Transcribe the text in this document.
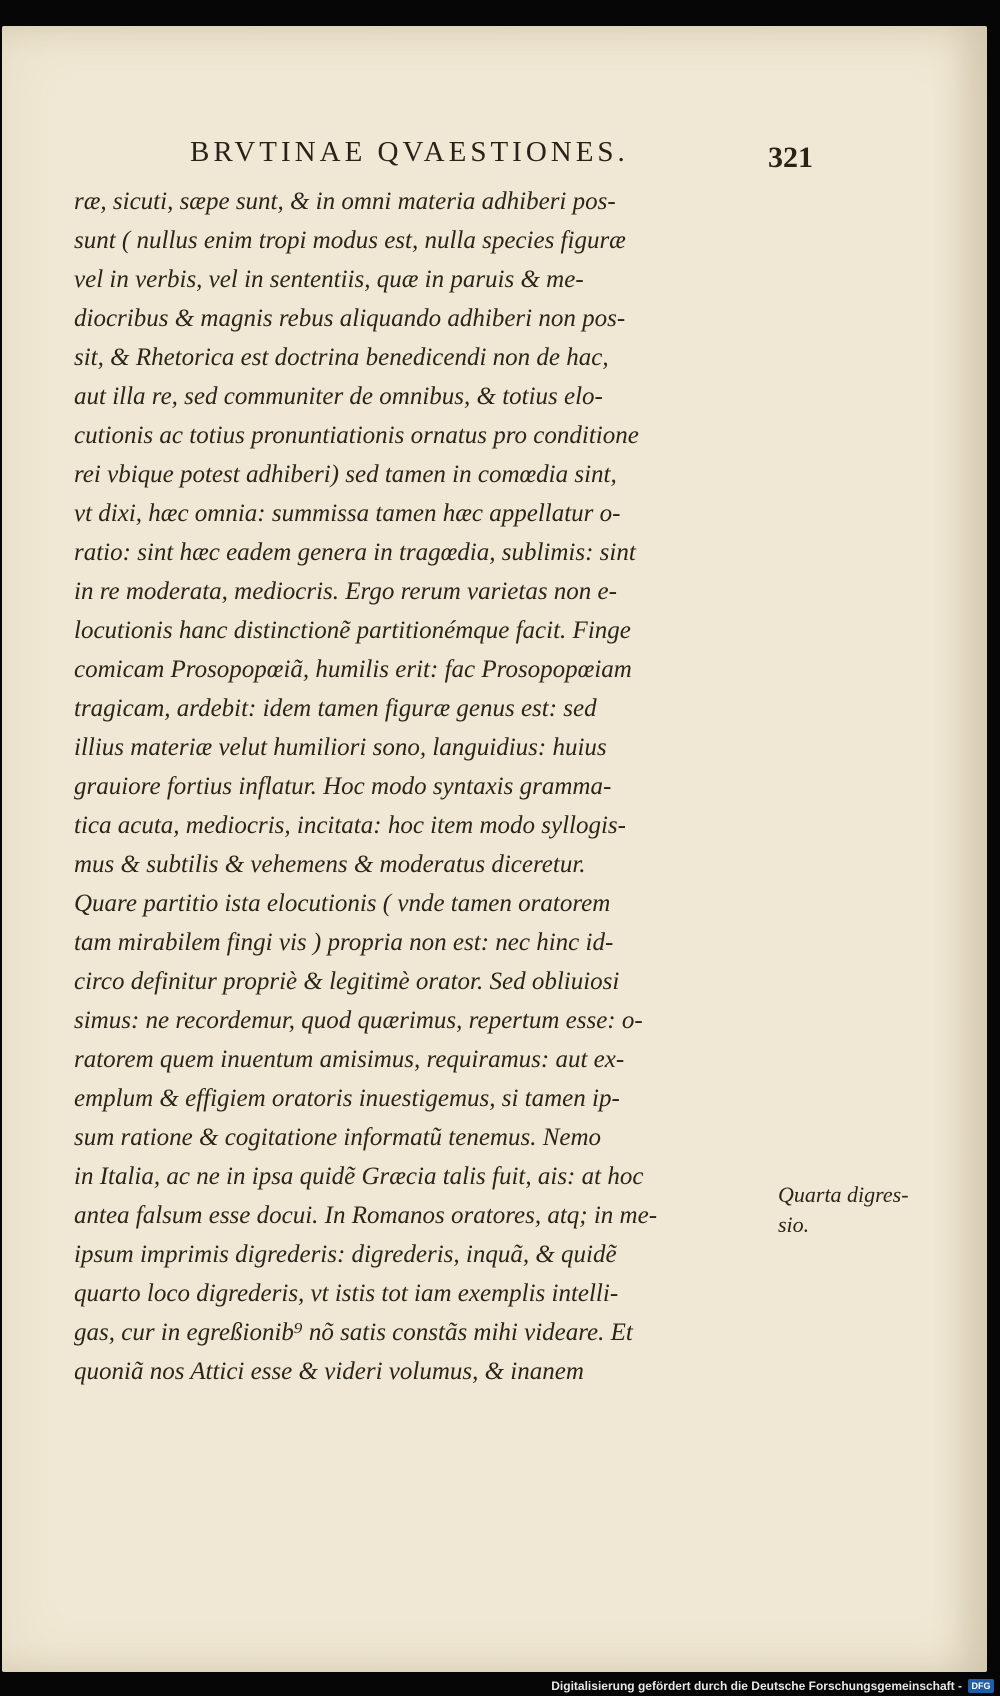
BRVTINAE QVAESTIONES.	321
ræ, sicuti, sæpe sunt, & in omni materia adhiberi pos-
sunt ( nullus enim tropi modus est, nulla species figuræ
vel in verbis, vel in sententiis, quæ in paruis & me-
diocribus & magnis rebus aliquando adhiberi non pos-
sit, & Rhetorica est doctrina benedicendi non de hac,
aut illa re, sed communiter de omnibus, & totius elo-
cutionis ac totius pronuntiationis ornatus pro conditione
rei vbique potest adhiberi) sed tamen in comœdia sint,
vt dixi, hæc omnia: summissa tamen hæc appellatur o-
ratio: sint hæc eadem genera in tragœdia, sublimis: sint
in re moderata, mediocris. Ergo rerum varietas non e-
locutionis hanc distinctionẽ partitionémque facit. Finge
comicam Prosopopœiã, humilis erit: fac Prosopopœiam
tragicam, ardebit: idem tamen figuræ genus est: sed
illius materiæ velut humiliori sono, languidius: huius
grauiore fortius inflatur. Hoc modo syntaxis gramma-
tica acuta, mediocris, incitata: hoc item modo syllogis-
mus & subtilis & vehemens & moderatus diceretur.
Quare partitio ista elocutionis ( vnde tamen oratorem
tam mirabilem fingi vis ) propria non est: nec hinc id-
circo definitur propriè & legitimè orator. Sed obliuiosi
simus: ne recordemur, quod quærimus, repertum esse: o-
ratorem quem inuentum amisimus, requiramus: aut ex-
emplum & effigiem oratoris inuestigemus, si tamen ip-
sum ratione & cogitatione informatũ tenemus. Nemo
in Italia, ac ne in ipsa quidẽ Græcia talis fuit, ais: at hoc
antea falsum esse docui. In Romanos oratores, atq; in me-
ipsum imprimis digrederis: digrederis, inquã, & quidẽ
quarto loco digrederis, vt istis tot iam exemplis intelli-
gas, cur in egreßionib⁹ nõ satis constãs mihi videare. Et
quoniã nos Attici esse & videri volumus, & inanem
Quarta digres-sio.
Digitalisierung gefördert durch die Deutsche Forschungsgemeinschaft -	DFG
